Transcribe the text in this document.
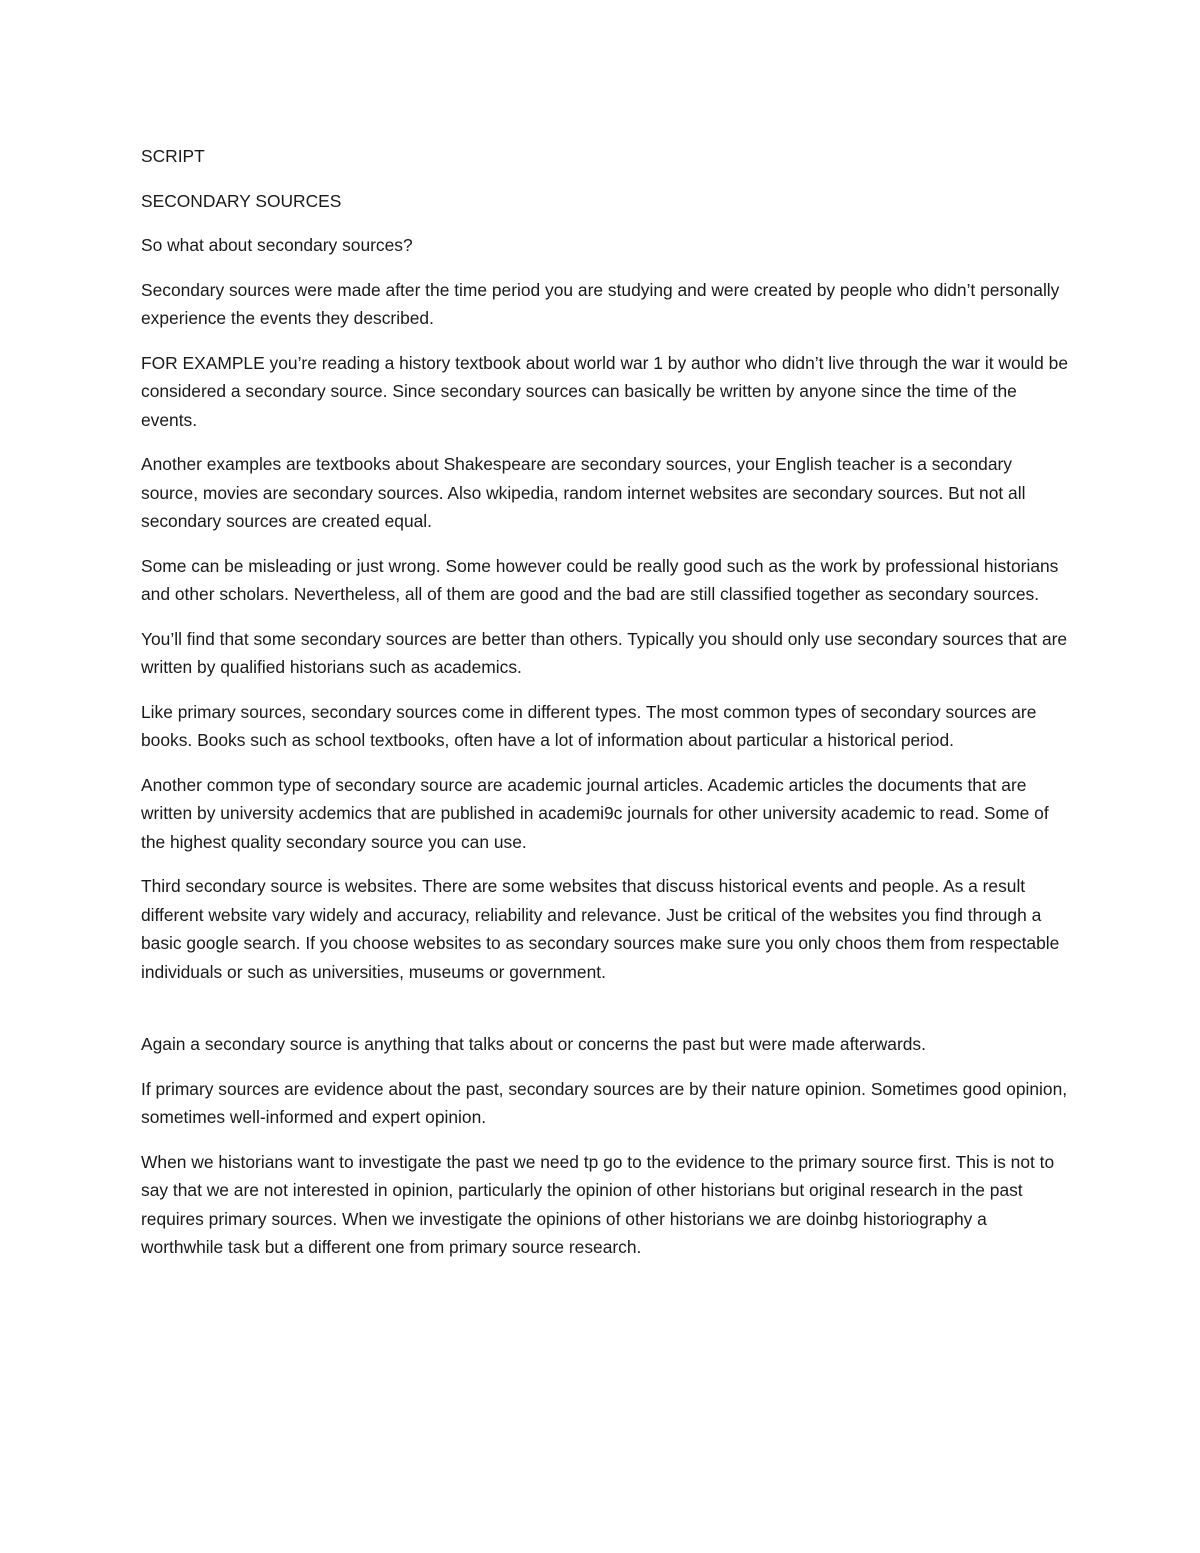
SCRIPT

SECONDARY SOURCES

So what about secondary sources?

Secondary sources were made after the time period you are studying and were created by people who didn’t personally experience the events they described.

FOR EXAMPLE you’re reading a history textbook about world war 1 by author who didn’t live through the war it would be considered a secondary source. Since secondary sources can basically be written by anyone since the time of the events.

Another examples are textbooks about Shakespeare are secondary sources, your English teacher is a secondary source, movies are secondary sources. Also wkipedia, random internet websites are secondary sources. But not all secondary sources are created equal.

Some can be misleading or just wrong. Some however could be really good such as the work by professional historians and other scholars. Nevertheless, all of them are good and the bad are still classified together as secondary sources.

You’ll find that some secondary sources are better than others. Typically you should only use secondary sources that are written by qualified historians such as academics.

Like primary sources, secondary sources come in different types. The most common types of secondary sources are books. Books such as school textbooks, often have a lot of information about particular a historical period.

Another common type of secondary source are academic journal articles. Academic articles the documents that are written by university acdemics that are published in academi9c journals for other university academic to read. Some of the highest quality secondary source you can use.

Third secondary source is websites. There are some websites that discuss historical events and people. As a result different website vary widely and accuracy, reliability and relevance. Just be critical of the websites you find through a basic google search. If you choose websites to as secondary sources make sure you only choos them from respectable individuals or such as universities, museums or government.

Again a secondary source is anything that talks about or concerns the past but were made afterwards.

If primary sources are evidence about the past, secondary sources are by their nature opinion. Sometimes good opinion, sometimes well-informed and expert opinion.

When we historians want to investigate the past we need tp go to the evidence to the primary source first. This is not to say that we are not interested in opinion, particularly the opinion of other historians but original research in the past requires primary sources. When we investigate the opinions of other historians we are doinbg historiography a worthwhile task but a different one from primary source research.
